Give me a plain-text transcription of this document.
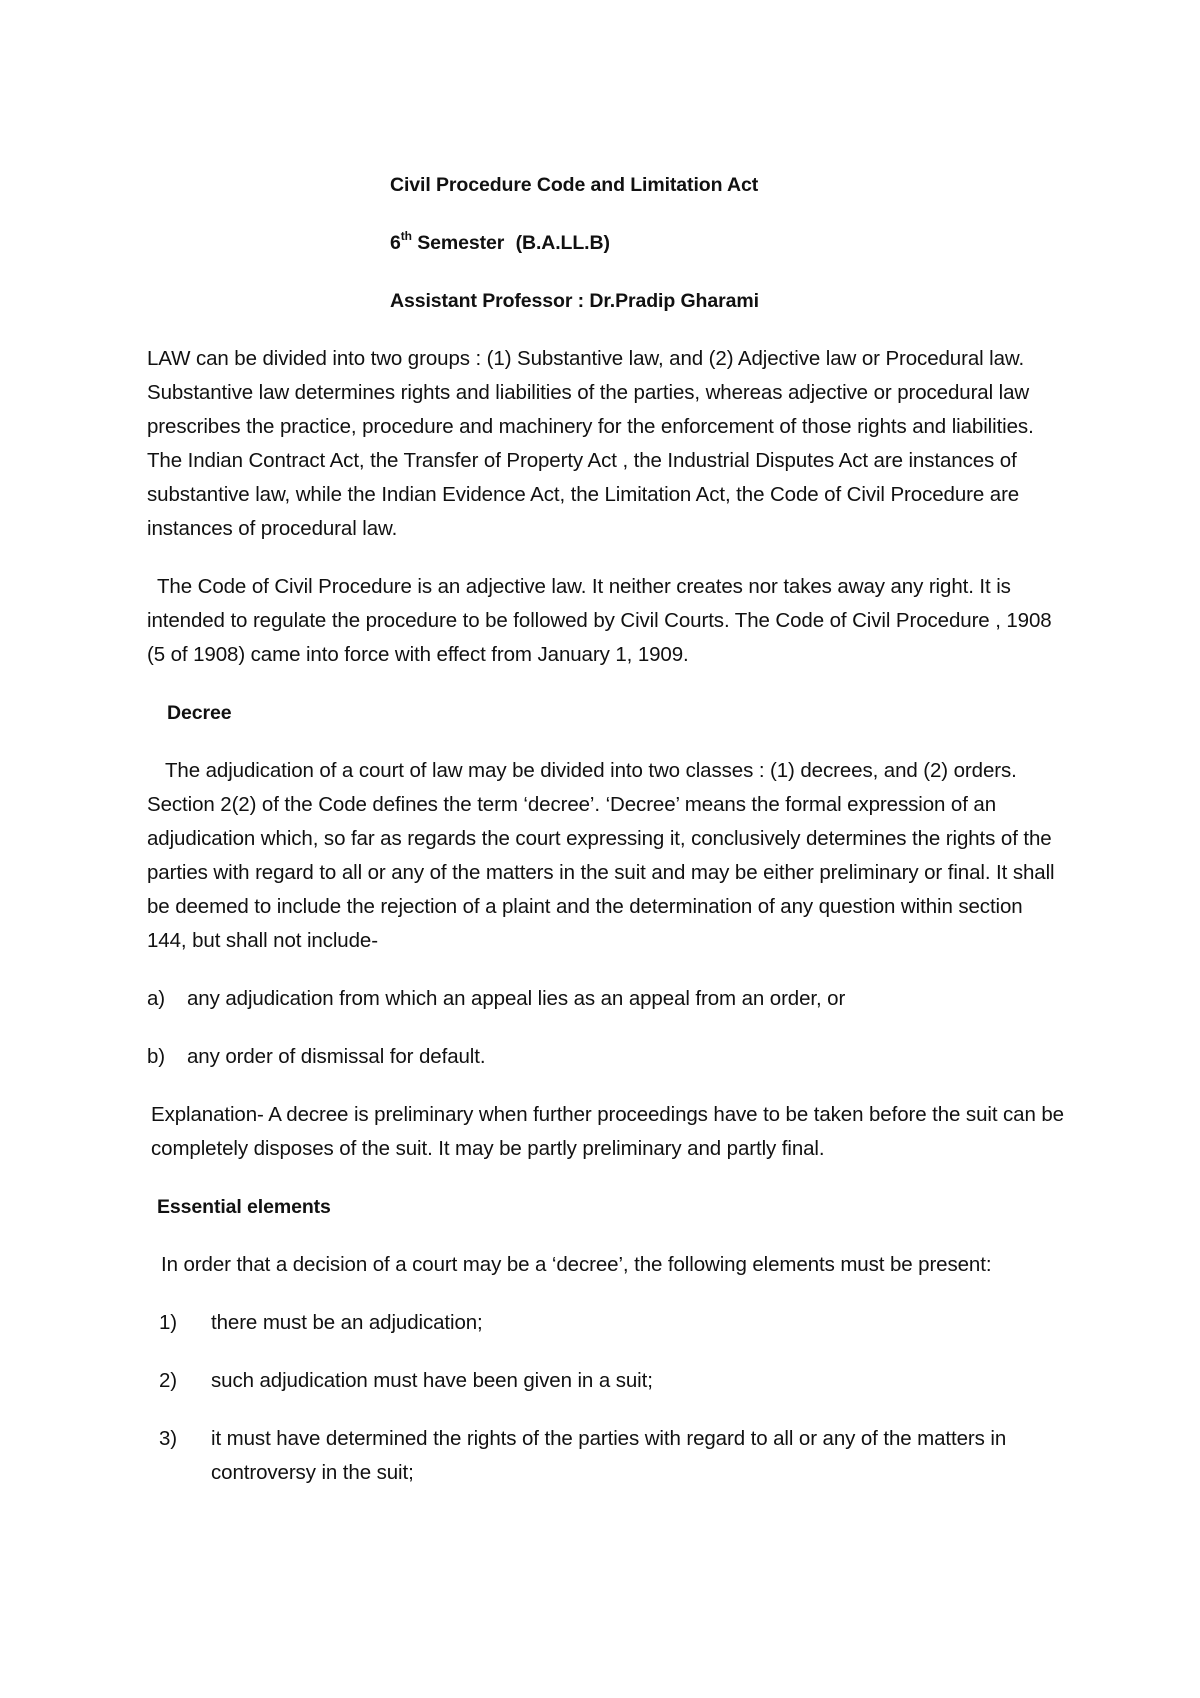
Civil Procedure Code and Limitation Act
6th Semester (B.A.LL.B)
Assistant Professor : Dr.Pradip Gharami

LAW can be divided into two groups : (1) Substantive law, and (2) Adjective law or Procedural law. Substantive law determines rights and liabilities of the parties, whereas adjective or procedural law prescribes the practice, procedure and machinery for the enforcement of those rights and liabilities. The Indian Contract Act, the Transfer of Property Act , the Industrial Disputes Act are instances of substantive law, while the Indian Evidence Act, the Limitation Act, the Code of Civil Procedure are instances of procedural law.

The Code of Civil Procedure is an adjective law. It neither creates nor takes away any right. It is intended to regulate the procedure to be followed by Civil Courts. The Code of Civil Procedure , 1908 (5 of 1908) came into force with effect from January 1, 1909.

Decree

The adjudication of a court of law may be divided into two classes : (1) decrees, and (2) orders. Section 2(2) of the Code defines the term ‘decree’. ‘Decree’ means the formal expression of an adjudication which, so far as regards the court expressing it, conclusively determines the rights of the parties with regard to all or any of the matters in the suit and may be either preliminary or final. It shall be deemed to include the rejection of a plaint and the determination of any question within section 144, but shall not include-

a) any adjudication from which an appeal lies as an appeal from an order, or
b) any order of dismissal for default.

Explanation- A decree is preliminary when further proceedings have to be taken before the suit can be completely disposes of the suit. It may be partly preliminary and partly final.

Essential elements

In order that a decision of a court may be a ‘decree’, the following elements must be present:

1) there must be an adjudication;
2) such adjudication must have been given in a suit;
3) it must have determined the rights of the parties with regard to all or any of the matters in controversy in the suit;
